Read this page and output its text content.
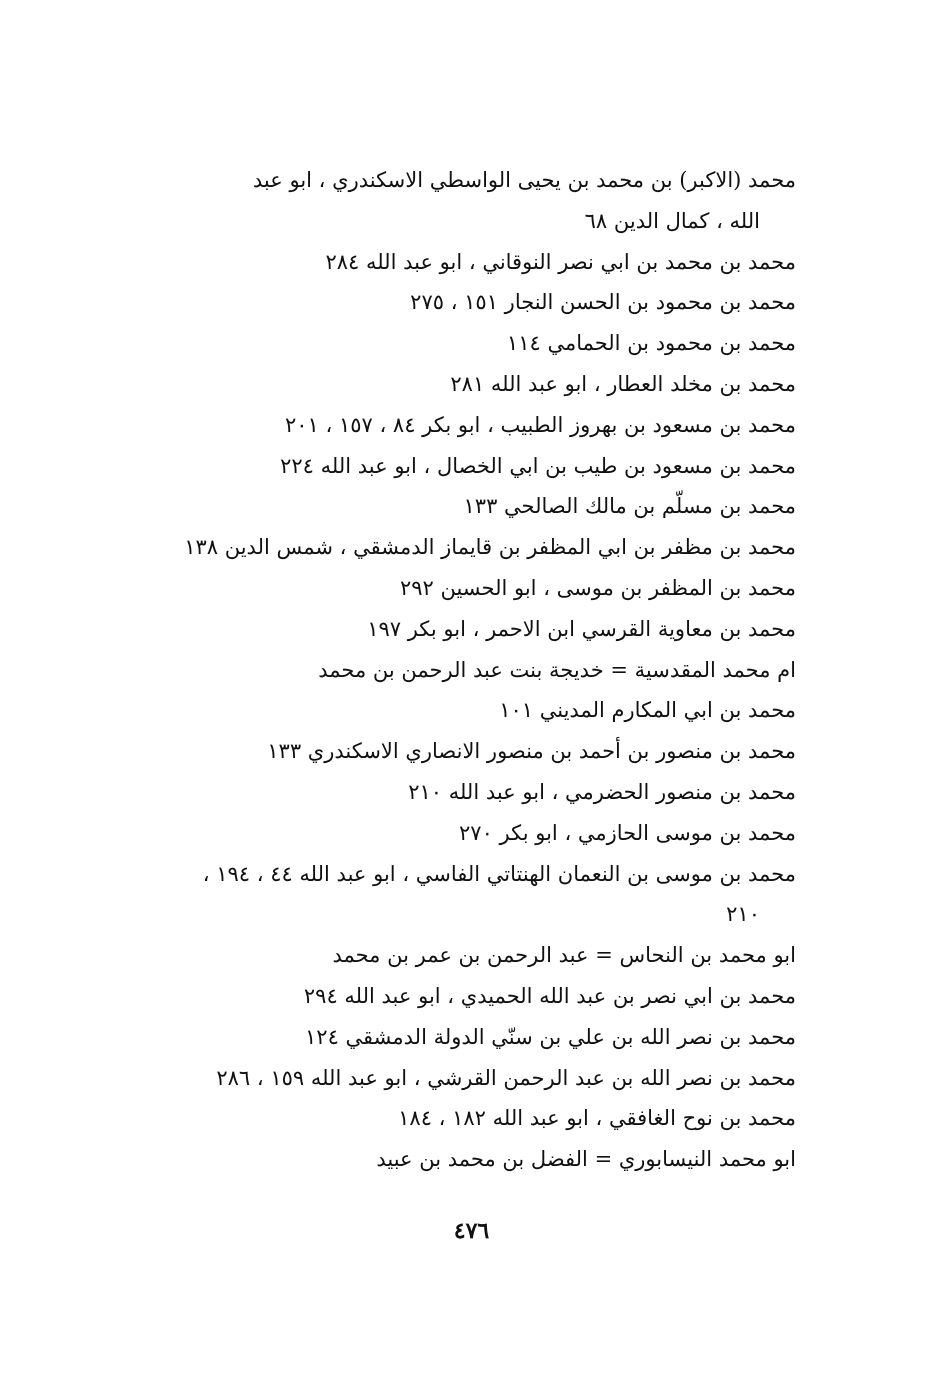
محمد (الاكبر) بن محمد بن يحيى الواسطي الاسكندري ، ابو عبد
الله ، كمال الدين ٦٨

محمد بن محمد بن ابي نصر النوقاني ، ابو عبد الله ٢٨٤

محمد بن محمود بن الحسن النجار ١٥١ ، ٢٧٥

محمد بن محمود بن الحمامي ١١٤

محمد بن مخلد العطار ، ابو عبد الله ٢٨١

محمد بن مسعود بن بهروز الطبيب ، ابو بكر ٨٤ ، ١٥٧ ، ٢٠١

محمد بن مسعود بن طيب بن ابي الخصال ، ابو عبد الله ٢٢٤

محمد بن مسلّم بن مالك الصالحي ١٣٣

محمد بن مظفر بن ابي المظفر بن قايماز الدمشقي ، شمس الدين ١٣٨

محمد بن المظفر بن موسى ، ابو الحسين ٢٩٢

محمد بن معاوية القرسي ابن الاحمر ، ابو بكر ١٩٧

ام محمد المقدسية = خديجة بنت عبد الرحمن بن محمد

محمد بن ابي المكارم المديني ١٠١

محمد بن منصور بن أحمد بن منصور الانصاري الاسكندري ١٣٣

محمد بن منصور الحضرمي ، ابو عبد الله ٢١٠

محمد بن موسى الحازمي ، ابو بكر ٢٧٠

محمد بن موسى بن النعمان الهنتاتي الفاسي ، ابو عبد الله ٤٤ ، ١٩٤ ،
٢١٠

ابو محمد بن النحاس = عبد الرحمن بن عمر بن محمد

محمد بن ابي نصر بن عبد الله الحميدي ، ابو عبد الله ٢٩٤

محمد بن نصر الله بن علي بن سنّي الدولة الدمشقي ١٢٤

محمد بن نصر الله بن عبد الرحمن القرشي ، ابو عبد الله ١٥٩ ، ٢٨٦

محمد بن نوح الغافقي ، ابو عبد الله ١٨٢ ، ١٨٤

ابو محمد النيسابوري = الفضل بن محمد بن عبيد

٤٧٦
